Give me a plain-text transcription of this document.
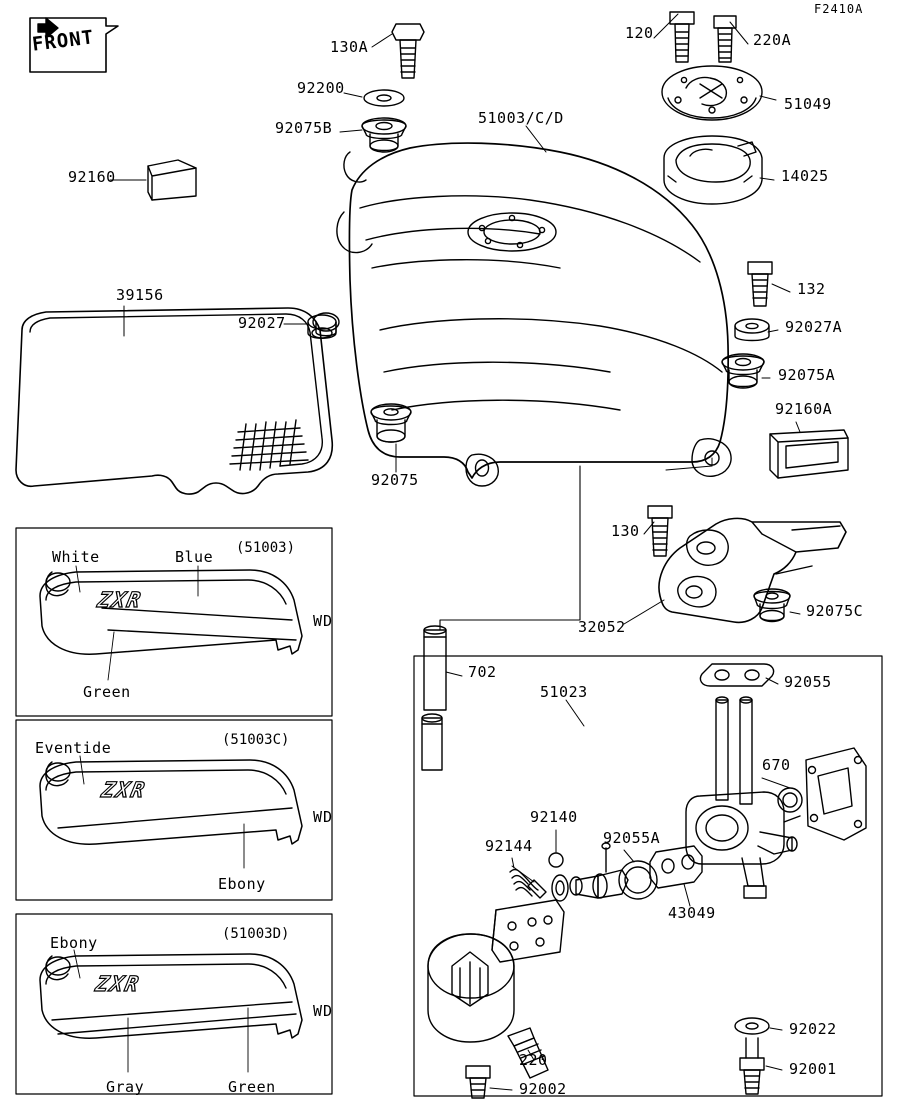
F2410A
FRONT	130A
92200
92075B
92160
51003/C/D
120	220A
51049
14025
132
92027A
92075A
92160A
39156
92027
92075
130
32052
92075C
702
51023
92055
670
92140
92055A
92144
43049
92022
220	92001
92002
(51003)
White	Blue
Green
ZXR
WD
(51003C)
Eventide
Ebony
ZXR
WD
(51003D)
Ebony
Gray	Green
ZXR
WD
